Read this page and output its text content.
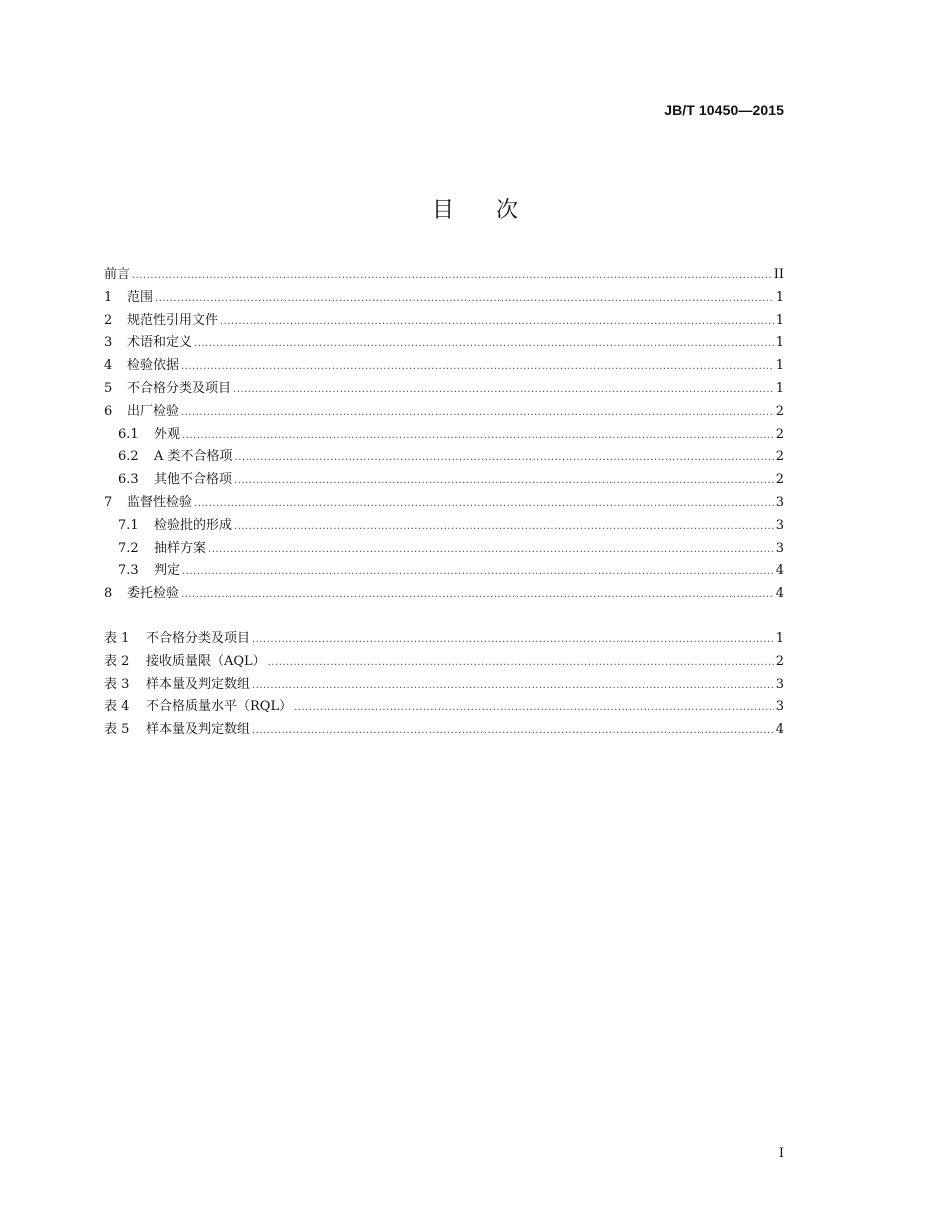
JB/T 10450—2015
目 次
前言 .....	II
1	范围 .....	1
2	规范性引用文件 .....	1
3	术语和定义 .....	1
4	检验依据 .....	1
5	不合格分类及项目 .....	1
6	出厂检验 .....	2
6.1	外观 .....	2
6.2	A 类不合格项 .....	2
6.3	其他不合格项 .....	2
7	监督性检验 .....	3
7.1	检验批的形成 .....	3
7.2	抽样方案 .....	3
7.3	判定 .....	4
8	委托检验 .....	4
表 1	不合格分类及项目 .....	1
表 2	接收质量限（AQL） .....	2
表 3	样本量及判定数组 .....	3
表 4	不合格质量水平（RQL） .....	3
表 5	样本量及判定数组 .....	4
I
